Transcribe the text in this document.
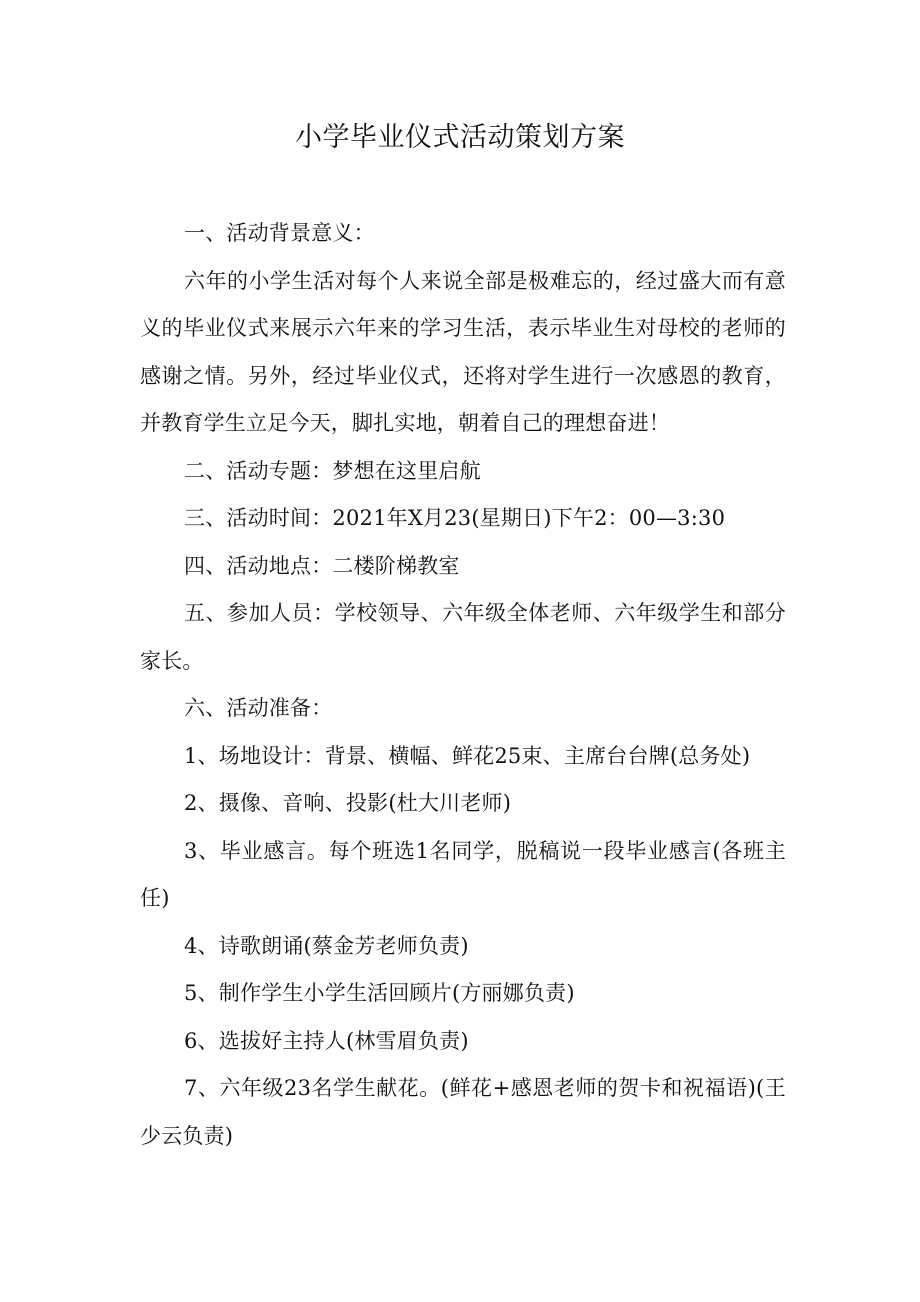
小学毕业仪式活动策划方案

一、活动背景意义：

六年的小学生活对每个人来说全部是极难忘的，经过盛大而有意义的毕业仪式来展示六年来的学习生活，表示毕业生对母校的老师的感谢之情。另外，经过毕业仪式，还将对学生进行一次感恩的教育，并教育学生立足今天，脚扎实地，朝着自己的理想奋进！

二、活动专题：梦想在这里启航

三、活动时间：2021年X月23(星期日)下午2：00—3:30

四、活动地点：二楼阶梯教室

五、参加人员：学校领导、六年级全体老师、六年级学生和部分家长。

六、活动准备：

1、场地设计：背景、横幅、鲜花25束、主席台台牌(总务处)

2、摄像、音响、投影(杜大川老师)

3、毕业感言。每个班选1名同学，脱稿说一段毕业感言(各班主任)

4、诗歌朗诵(蔡金芳老师负责)

5、制作学生小学生活回顾片(方丽娜负责)

6、选拔好主持人(林雪眉负责)

7、六年级23名学生献花。(鲜花+感恩老师的贺卡和祝福语)(王少云负责)
